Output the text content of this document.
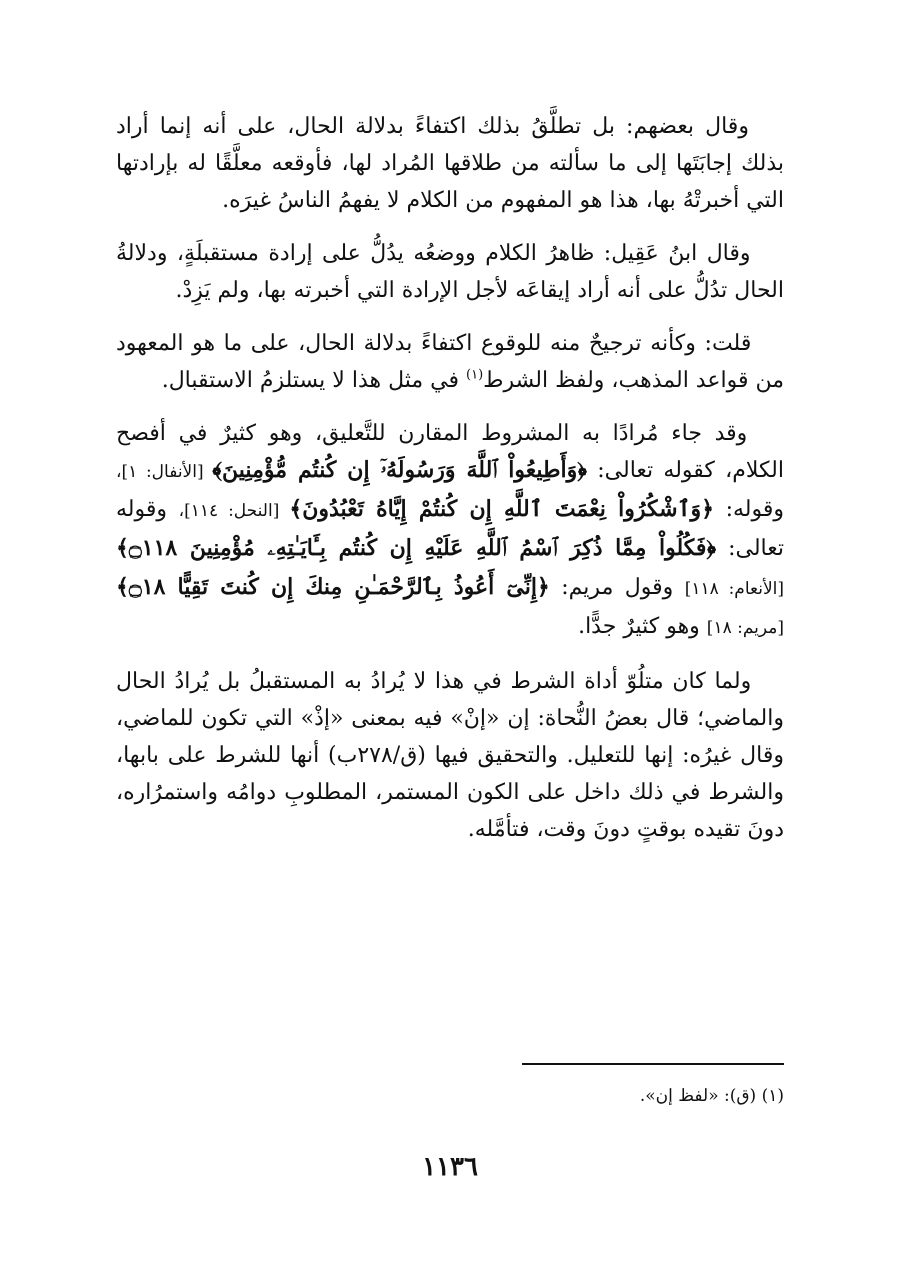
وقال بعضهم: بل تطلَّقُ بذلك اكتفاءً بدلالة الحال، على أنه إنما أراد بذلك إجابَتَها إلى ما سألته من طلاقها المُراد لها، فأوقعه معلَّقًا له بإرادتها التي أخبرتْهُ بها، هذا هو المفهوم من الكلام لا يفهمُ الناسُ غيرَه.

وقال ابنُ عَقِيل: ظاهرُ الكلام ووضعُه يدُلُّ على إرادة مستقبلَةٍ، ودلالةُ الحال تدُلُّ على أنه أراد إيقاعَه لأجل الإرادة التي أخبرته بها، ولم يَزِدْ.

قلت: وكأنه ترجيحٌ منه للوقوع اكتفاءً بدلالة الحال، على ما هو المعهود من قواعد المذهب، ولفظ الشرط$^{(١)}$ في مثل هذا لا يستلزمُ الاستقبال.

وقد جاء مُرادًا به المشروط المقارن للتَّعليق، وهو كثيرٌ في أفصح الكلام، كقوله تعالى: ﴿وَأَطِيعُواْ ٱللَّهَ وَرَسُولَهُۥٓ إِن كُنتُم مُّؤْمِنِينَ﴾ [الأنفال: ١]، وقوله: ﴿وَٱشْكُرُواْ نِعْمَتَ ٱللَّهِ إِن كُنتُمْ إِيَّاهُ تَعْبُدُونَ﴾ [النحل: ١١٤]، وقوله تعالى: ﴿فَكُلُواْ مِمَّا ذُكِرَ ٱسْمُ ٱللَّهِ عَلَيْهِ إِن كُنتُم بِـَٔايَـٰتِهِۦ مُؤْمِنِينَ ۝١١٨﴾ [الأنعام: ١١٨] وقول مريم: ﴿إِنِّىٓ أَعُوذُ بِٱلرَّحْمَـٰنِ مِنكَ إِن كُنتَ تَقِيًّا ۝١٨﴾ [مريم: ١٨] وهو كثيرٌ جدًّا.

ولما كان متلُوّ أداة الشرط في هذا لا يُرادُ به المستقبلُ بل يُرادُ الحال والماضي؛ قال بعضُ النُّحاة: إن «إنْ» فيه بمعنى «إذْ» التي تكون للماضي، وقال غيرُه: إنها للتعليل. والتحقيق فيها (ق/٢٧٨ب) أنها للشرط على بابها، والشرط في ذلك داخل على الكون المستمر، المطلوبِ دوامُه واستمرُاره، دونَ تقيده بوقتٍ دونَ وقت، فتأمَّله.

(١) (ق): «لفظ إن».
١١٣٦
